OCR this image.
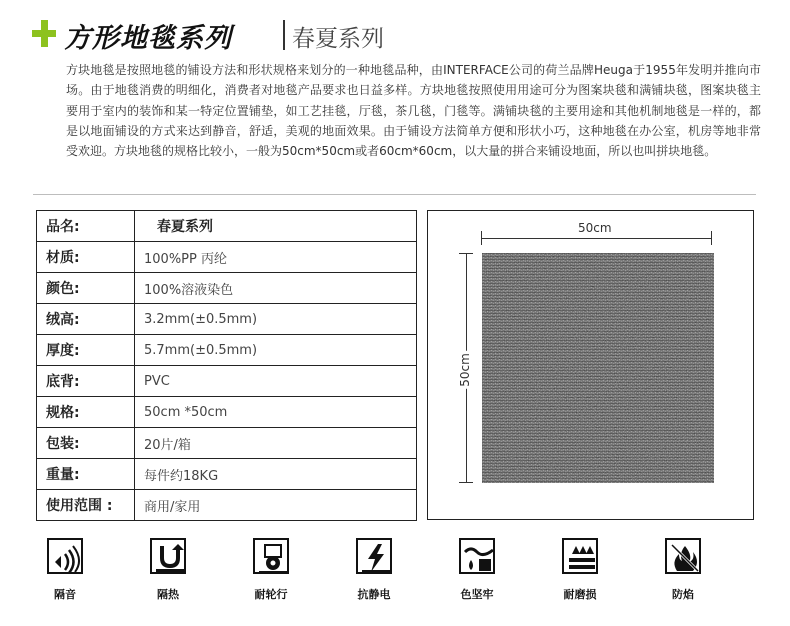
方形地毯系列	春夏系列
方块地毯是按照地毯的铺设方法和形状规格来划分的一种地毯品种，由INTERFACE公司的荷兰品牌Heuga于1955年发明并推向市场。由于地毯消费的明细化，消费者对地毯产品要求也日益多样。方块地毯按照使用用途可分为图案块毯和满铺块毯，图案块毯主要用于室内的装饰和某一特定位置铺垫，如工艺挂毯，厅毯，茶几毯，门毯等。满铺块毯的主要用途和其他机制地毯是一样的，都是以地面铺设的方式来达到静音，舒适，美观的地面效果。由于铺设方法简单方便和形状小巧，这种地毯在办公室，机房等地非常受欢迎。方块地毯的规格比较小，一般为50cm*50cm或者60cm*60cm，以大量的拼合来铺设地面，所以也叫拼块地毯。
品名:	春夏系列
材质:	100%PP 丙纶
颜色:	100%溶液染色
绒高:	3.2mm(±0.5mm)
厚度:	5.7mm(±0.5mm)
底背:	PVC
规格:	50cm *50cm
包装:	20片/箱
重量:	每件约18KG
使用范围 :	商用/家用
50cm
50cm
隔音	隔热	耐轮行	抗静电	色坚牢	耐磨损	防焰
